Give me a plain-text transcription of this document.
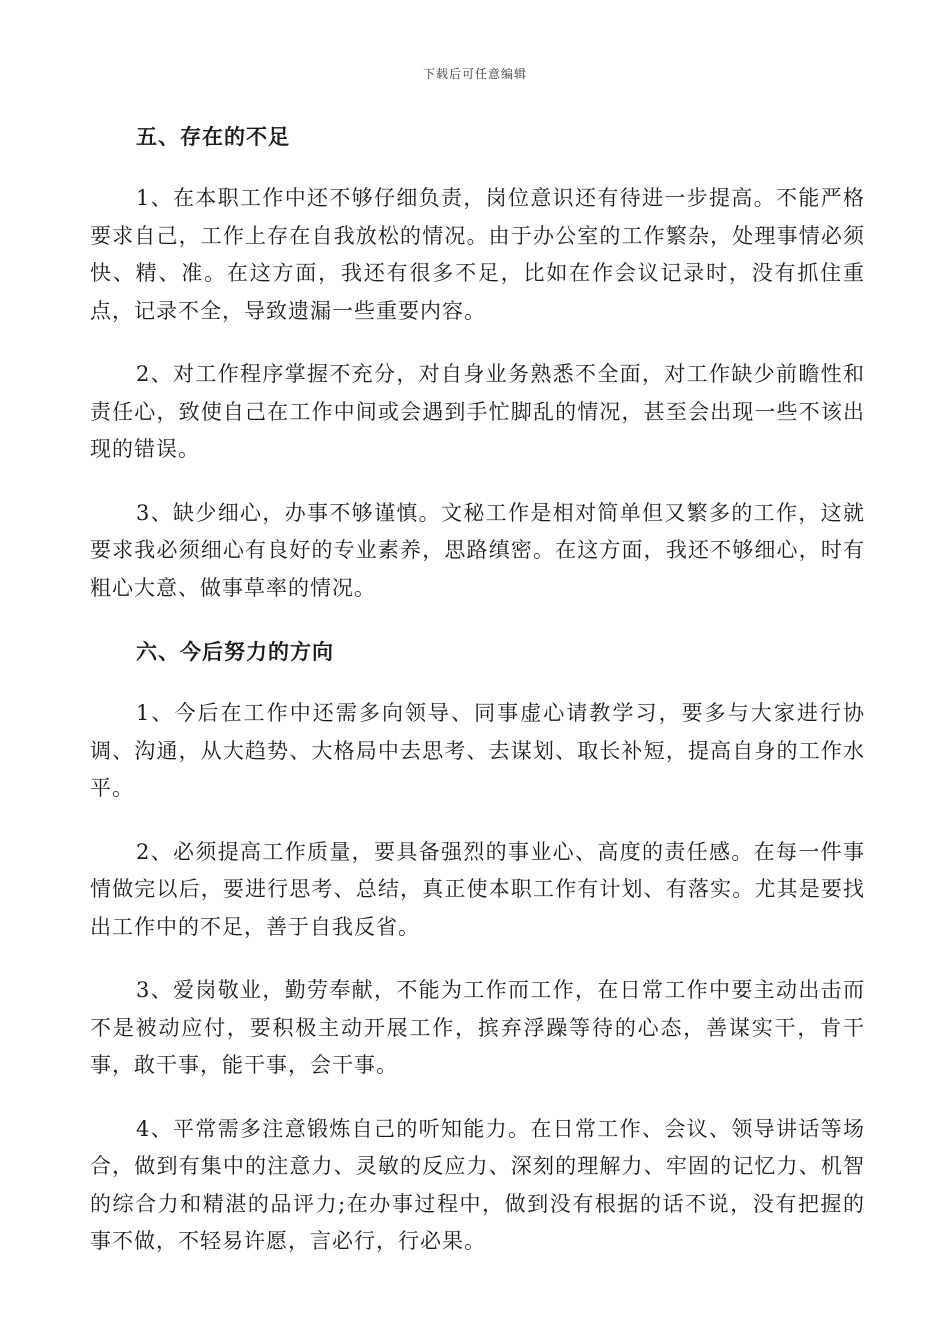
下载后可任意编辑
五、存在的不足

1、在本职工作中还不够仔细负责，岗位意识还有待进一步提高。不能严格要求自己，工作上存在自我放松的情况。由于办公室的工作繁杂，处理事情必须快、精、准。在这方面，我还有很多不足，比如在作会议记录时，没有抓住重点，记录不全，导致遗漏一些重要内容。

2、对工作程序掌握不充分，对自身业务熟悉不全面，对工作缺少前瞻性和责任心，致使自己在工作中间或会遇到手忙脚乱的情况，甚至会出现一些不该出现的错误。

3、缺少细心，办事不够谨慎。文秘工作是相对简单但又繁多的工作，这就要求我必须细心有良好的专业素养，思路缜密。在这方面，我还不够细心，时有粗心大意、做事草率的情况。

六、今后努力的方向

1、今后在工作中还需多向领导、同事虚心请教学习，要多与大家进行协调、沟通，从大趋势、大格局中去思考、去谋划、取长补短，提高自身的工作水平。

2、必须提高工作质量，要具备强烈的事业心、高度的责任感。在每一件事情做完以后，要进行思考、总结，真正使本职工作有计划、有落实。尤其是要找出工作中的不足，善于自我反省。

3、爱岗敬业，勤劳奉献，不能为工作而工作，在日常工作中要主动出击而不是被动应付，要积极主动开展工作，摈弃浮躁等待的心态，善谋实干，肯干事，敢干事，能干事，会干事。

4、平常需多注意锻炼自己的听知能力。在日常工作、会议、领导讲话等场合，做到有集中的注意力、灵敏的反应力、深刻的理解力、牢固的记忆力、机智的综合力和精湛的品评力;在办事过程中，做到没有根据的话不说，没有把握的事不做，不轻易许愿，言必行，行必果。
